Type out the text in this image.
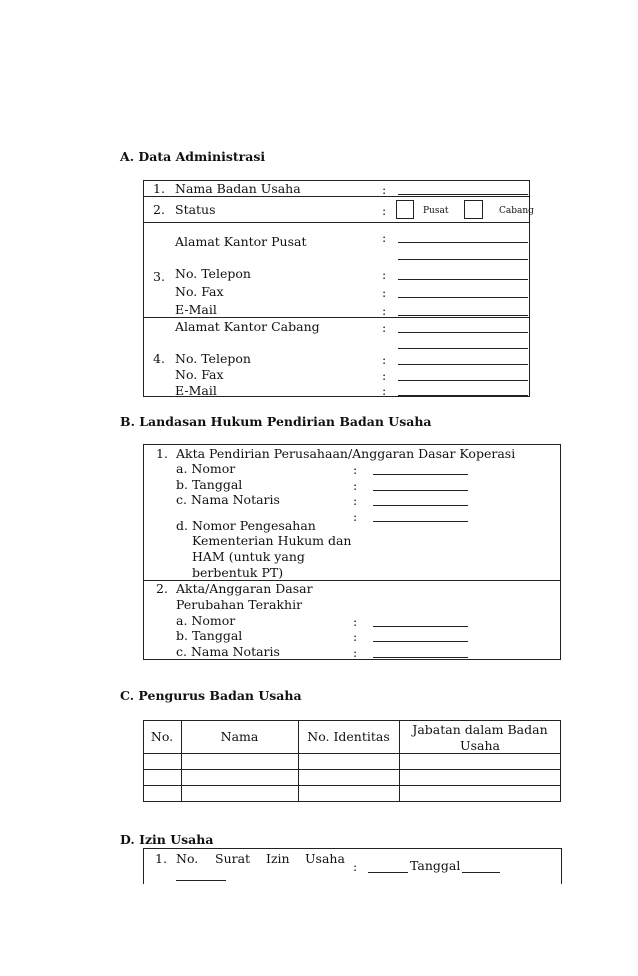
A. Data Administrasi
1. Nama Badan Usaha	:
2. Status	:	Pusat	Cabang
Alamat Kantor Pusat	:
3. No. Telepon	:
No. Fax	:
E-Mail	:
Alamat Kantor Cabang	:
4. No. Telepon	:
No. Fax	:
E-Mail	:
B. Landasan Hukum Pendirian Badan Usaha
1. Akta Pendirian Perusahaan/Anggaran Dasar Koperasi
a. Nomor	:
b. Tanggal	:
c. Nama Notaris	:
:
d. Nomor Pengesahan
Kementerian Hukum dan
HAM (untuk yang
berbentuk PT)
2. Akta/Anggaran Dasar
Perubahan Terakhir
a. Nomor	:
b. Tanggal	:
c. Nama Notaris	:
C. Pengurus Badan Usaha
No.	Nama	No. Identitas	Jabatan dalam Badan Usaha
D. Izin Usaha
1. No. Surat Izin Usaha
:	Tanggal
